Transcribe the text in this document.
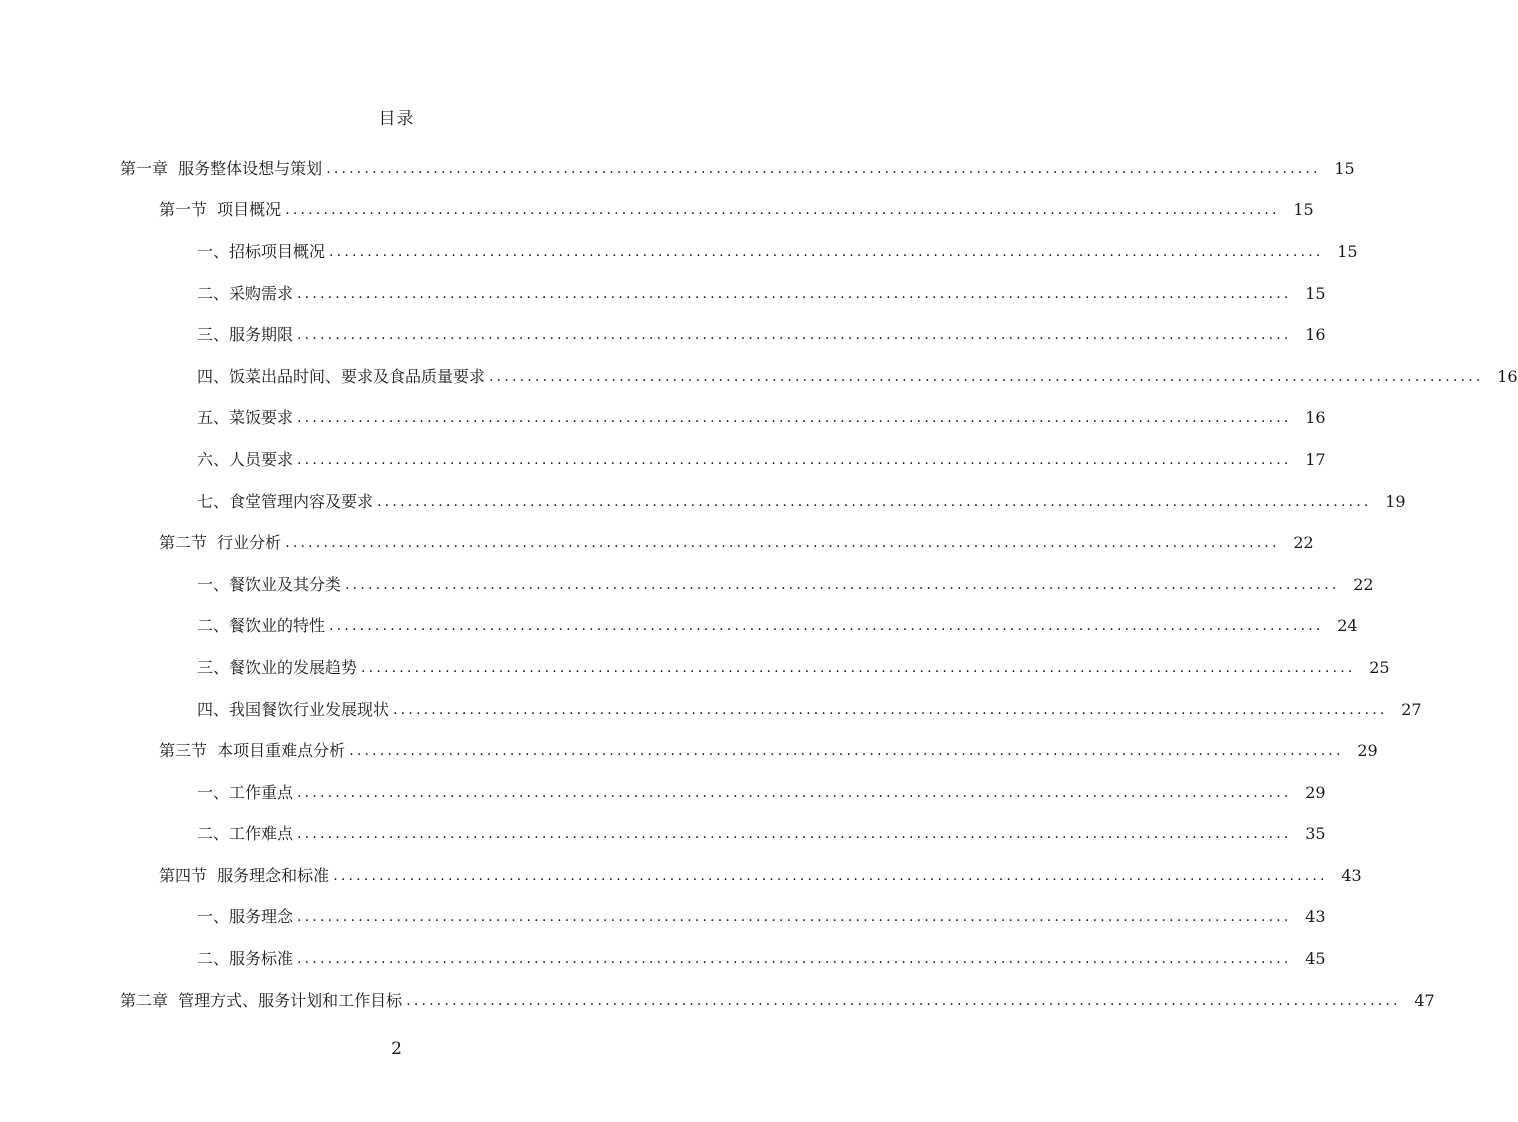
目录
第一章  服务整体设想与策划 .................................................................................................................................. 15
第一节  项目概况 .................................................................................................................................. 15
一、招标项目概况 .................................................................................................................................. 15
二、采购需求 .................................................................................................................................. 15
三、服务期限 .................................................................................................................................. 16
四、饭菜出品时间、要求及食品质量要求 .................................................................................................................................. 16
五、菜饭要求 .................................................................................................................................. 16
六、人员要求 .................................................................................................................................. 17
七、食堂管理内容及要求 .................................................................................................................................. 19
第二节  行业分析 .................................................................................................................................. 22
一、餐饮业及其分类 .................................................................................................................................. 22
二、餐饮业的特性 .................................................................................................................................. 24
三、餐饮业的发展趋势 .................................................................................................................................. 25
四、我国餐饮行业发展现状 .................................................................................................................................. 27
第三节  本项目重难点分析 .................................................................................................................................. 29
一、工作重点 .................................................................................................................................. 29
二、工作难点 .................................................................................................................................. 35
第四节  服务理念和标准 .................................................................................................................................. 43
一、服务理念 .................................................................................................................................. 43
二、服务标准 .................................................................................................................................. 45
第二章  管理方式、服务计划和工作目标 .................................................................................................................................. 47
2
